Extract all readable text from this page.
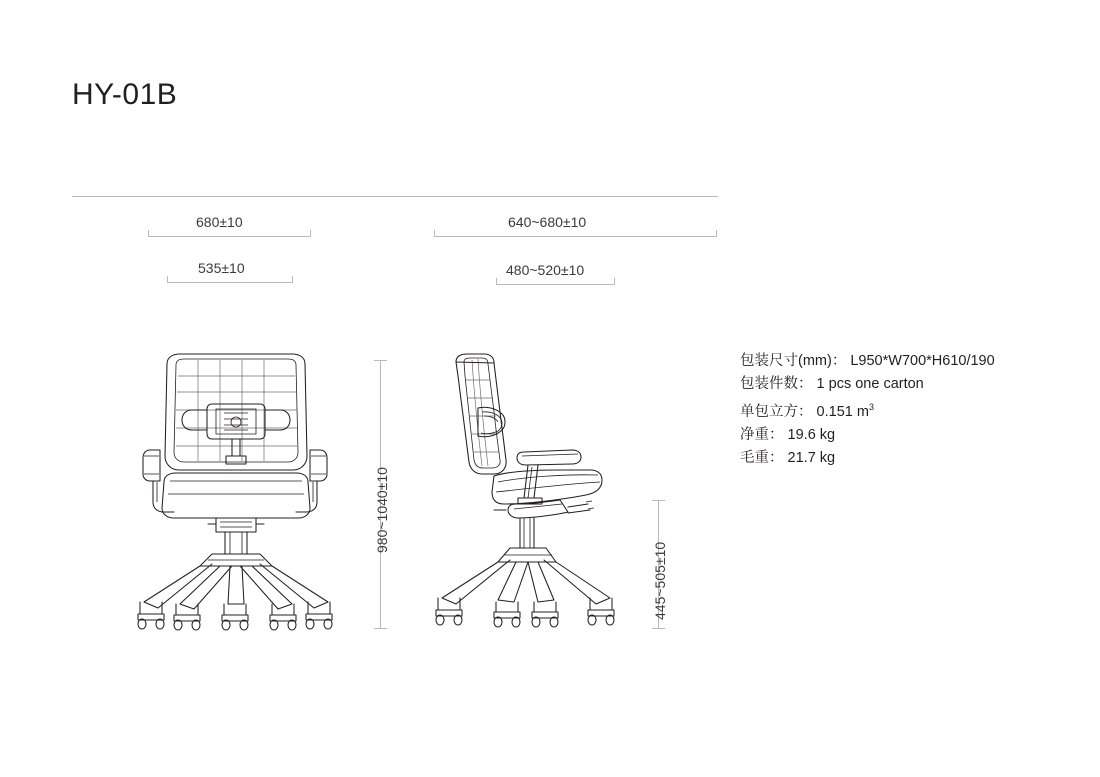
HY-01B
680±10
535±10
640~680±10
480~520±10
980~1040±10
445~505±10
包装尺寸(mm)： L950*W700*H610/190
包装件数： 1 pcs one carton
单包立方： 0.151 $m^3$
净重： 19.6 kg
毛重： 21.7 kg
